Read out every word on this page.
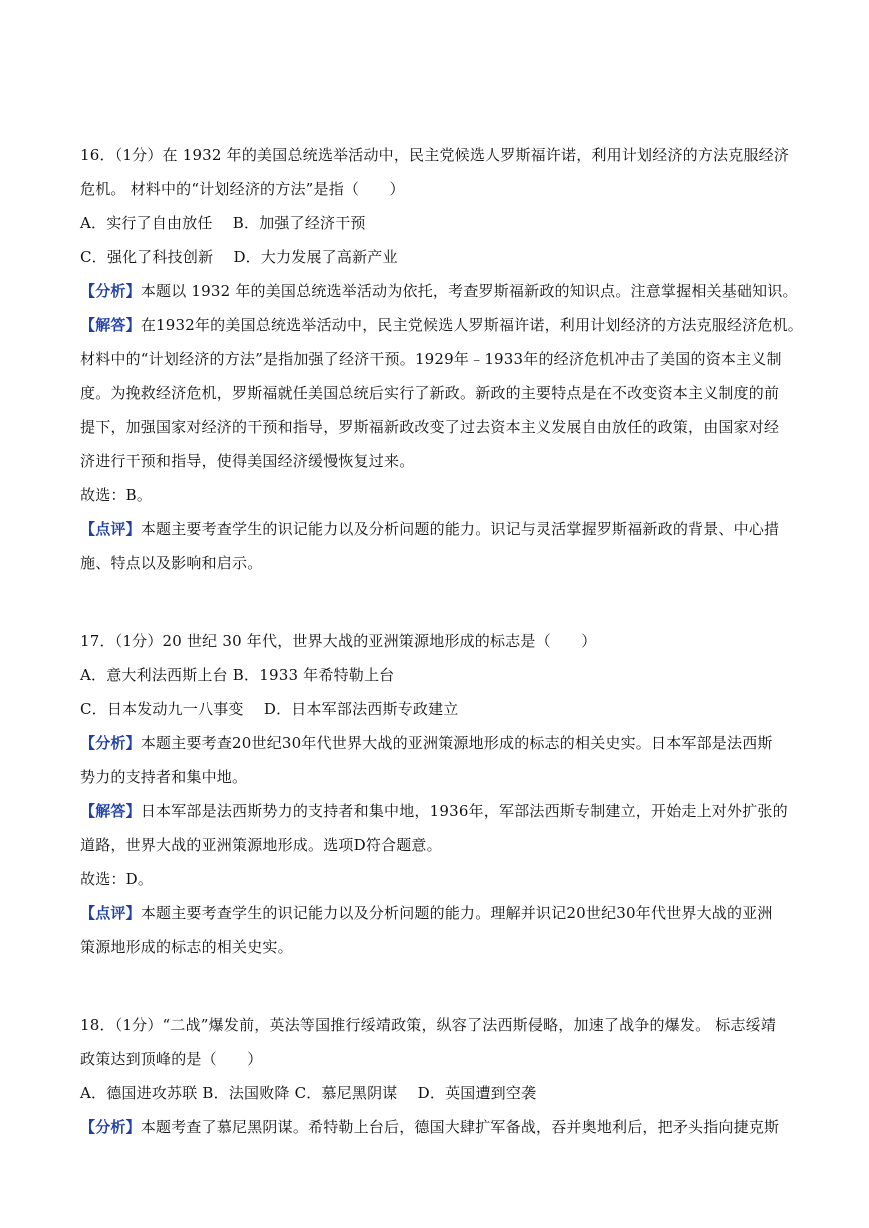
16．（1分）在 1932 年的美国总统选举活动中，民主党候选人罗斯福许诺，利用计划经济的方法克服经济
危机。 材料中的“计划经济的方法”是指（　　）
A．实行了自由放任　 B．加强了经济干预
C．强化了科技创新　 D．大力发展了高新产业
【分析】本题以 1932 年的美国总统选举活动为依托，考查罗斯福新政的知识点。注意掌握相关基础知识。
【解答】在1932年的美国总统选举活动中，民主党候选人罗斯福许诺，利用计划经济的方法克服经济危机。
材料中的“计划经济的方法”是指加强了经济干预。1929年﹣1933年的经济危机冲击了美国的资本主义制
度。为挽救经济危机，罗斯福就任美国总统后实行了新政。新政的主要特点是在不改变资本主义制度的前
提下，加强国家对经济的干预和指导，罗斯福新政改变了过去资本主义发展自由放任的政策，由国家对经
济进行干预和指导，使得美国经济缓慢恢复过来。
故选：B。
【点评】本题主要考查学生的识记能力以及分析问题的能力。识记与灵活掌握罗斯福新政的背景、中心措
施、特点以及影响和启示。
17．（1分）20 世纪 30 年代，世界大战的亚洲策源地形成的标志是（　　）
A．意大利法西斯上台 B．1933 年希特勒上台
C．日本发动九一八事变　 D．日本军部法西斯专政建立
【分析】本题主要考查20世纪30年代世界大战的亚洲策源地形成的标志的相关史实。日本军部是法西斯
势力的支持者和集中地。
【解答】日本军部是法西斯势力的支持者和集中地，1936年，军部法西斯专制建立，开始走上对外扩张的
道路，世界大战的亚洲策源地形成。选项D符合题意。
故选：D。
【点评】本题主要考查学生的识记能力以及分析问题的能力。理解并识记20世纪30年代世界大战的亚洲
策源地形成的标志的相关史实。
18．（1分）“二战”爆发前，英法等国推行绥靖政策，纵容了法西斯侵略，加速了战争的爆发。 标志绥靖
政策达到顶峰的是（　　）
A．德国进攻苏联 B．法国败降 C．慕尼黑阴谋　 D．英国遭到空袭
【分析】本题考查了慕尼黑阴谋。希特勒上台后，德国大肆扩军备战，吞并奥地利后，把矛头指向捷克斯
